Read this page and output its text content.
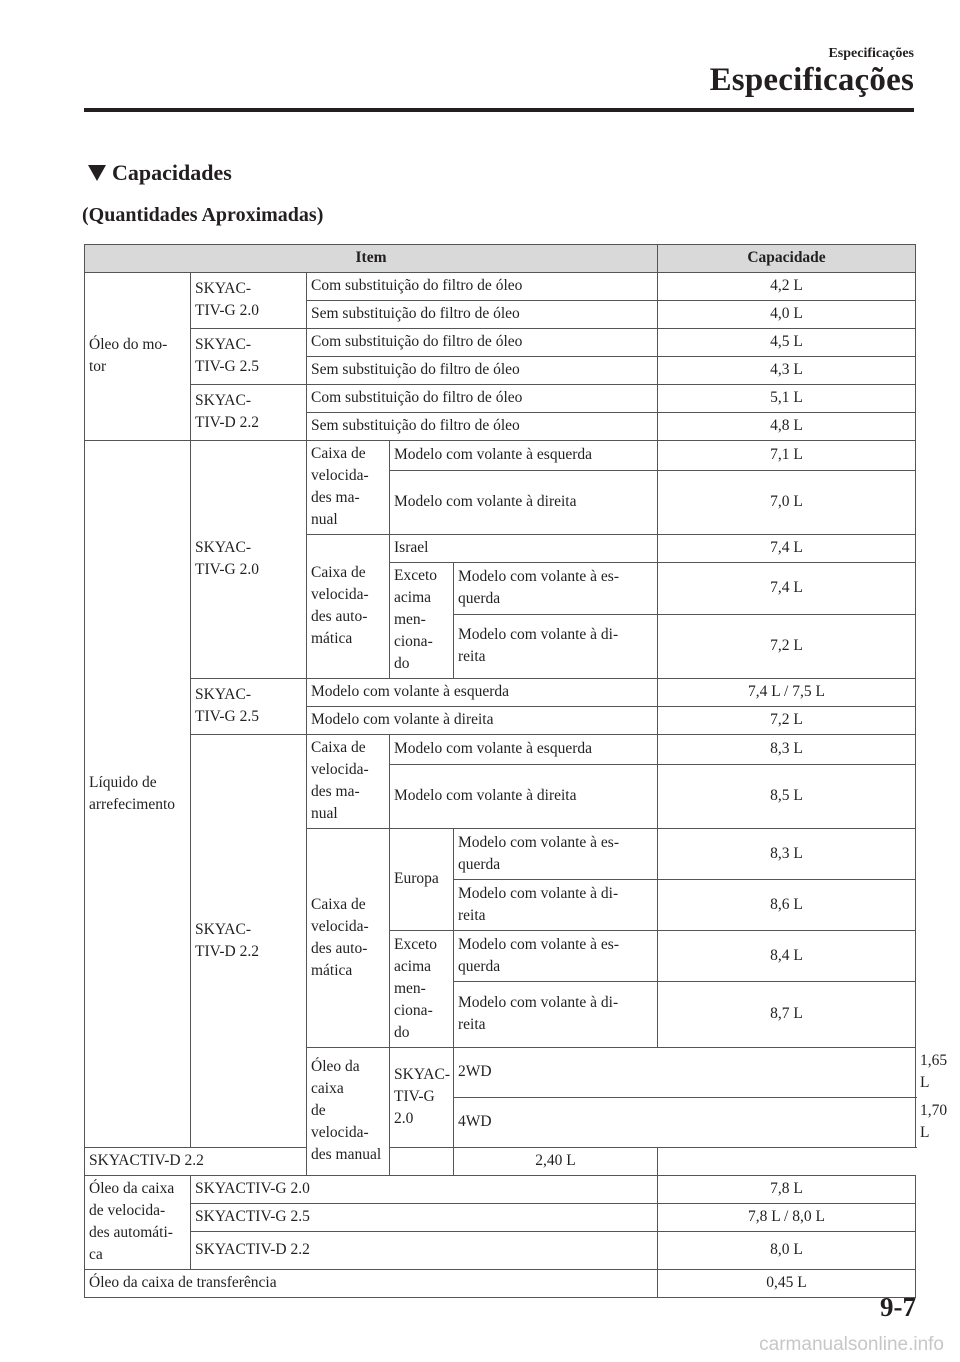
Especificações
Especificações
Capacidades
(Quantidades Aproximadas)
Item					Capacidade	
Óleo do mo-
tor	SKYAC-
TIV-G 2.0	Com substituição do filtro de óleo			4,2 L	
		Sem substituição do filtro de óleo			4,0 L	
	SKYAC-
TIV-G 2.5	Com substituição do filtro de óleo			4,5 L	
		Sem substituição do filtro de óleo			4,3 L	
	SKYAC-
TIV-D 2.2	Com substituição do filtro de óleo			5,1 L	
		Sem substituição do filtro de óleo			4,8 L	
Líquido de
arrefecimento	SKYAC-
TIV-G 2.0	Caixa de
velocida-
des ma-
nual	Modelo com volante à esquerda		7,1 L	
			Modelo com volante à direita		7,0 L	
		Caixa de
velocida-
des auto-
mática	Israel		7,4 L	
			Exceto
acima
men-
ciona-
do	Modelo com volante à es-
querda	7,4 L	
				Modelo com volante à di-
reita	7,2 L	
	SKYAC-
TIV-G 2.5	Modelo com volante à esquerda			7,4 L / 7,5 L	
		Modelo com volante à direita			7,2 L	
	SKYAC-
TIV-D 2.2	Caixa de
velocida-
des ma-
nual	Modelo com volante à esquerda		8,3 L	
			Modelo com volante à direita		8,5 L	
		Caixa de
velocida-
des auto-
mática	Europa	Modelo com volante à es-
querda	8,3 L	
				Modelo com volante à di-
reita	8,6 L	
			Exceto
acima
men-
ciona-
do	Modelo com volante à es-
querda	8,4 L	
				Modelo com volante à di-
reita	8,7 L	
		Óleo da caixa
de velocida-
des manual	SKYAC-
TIV-G 2.0	2WD		1,65 L
				4WD		1,70 L
SKYACTIV-D 2.2				2,40 L		
Óleo da caixa
de velocida-
des automáti-
ca	SKYACTIV-G 2.0				7,8 L	
	SKYACTIV-G 2.5				7,8 L / 8,0 L	
	SKYACTIV-D 2.2				8,0 L	
Óleo da caixa de transferência					0,45 L	
9-7
carmanualsonline.info
